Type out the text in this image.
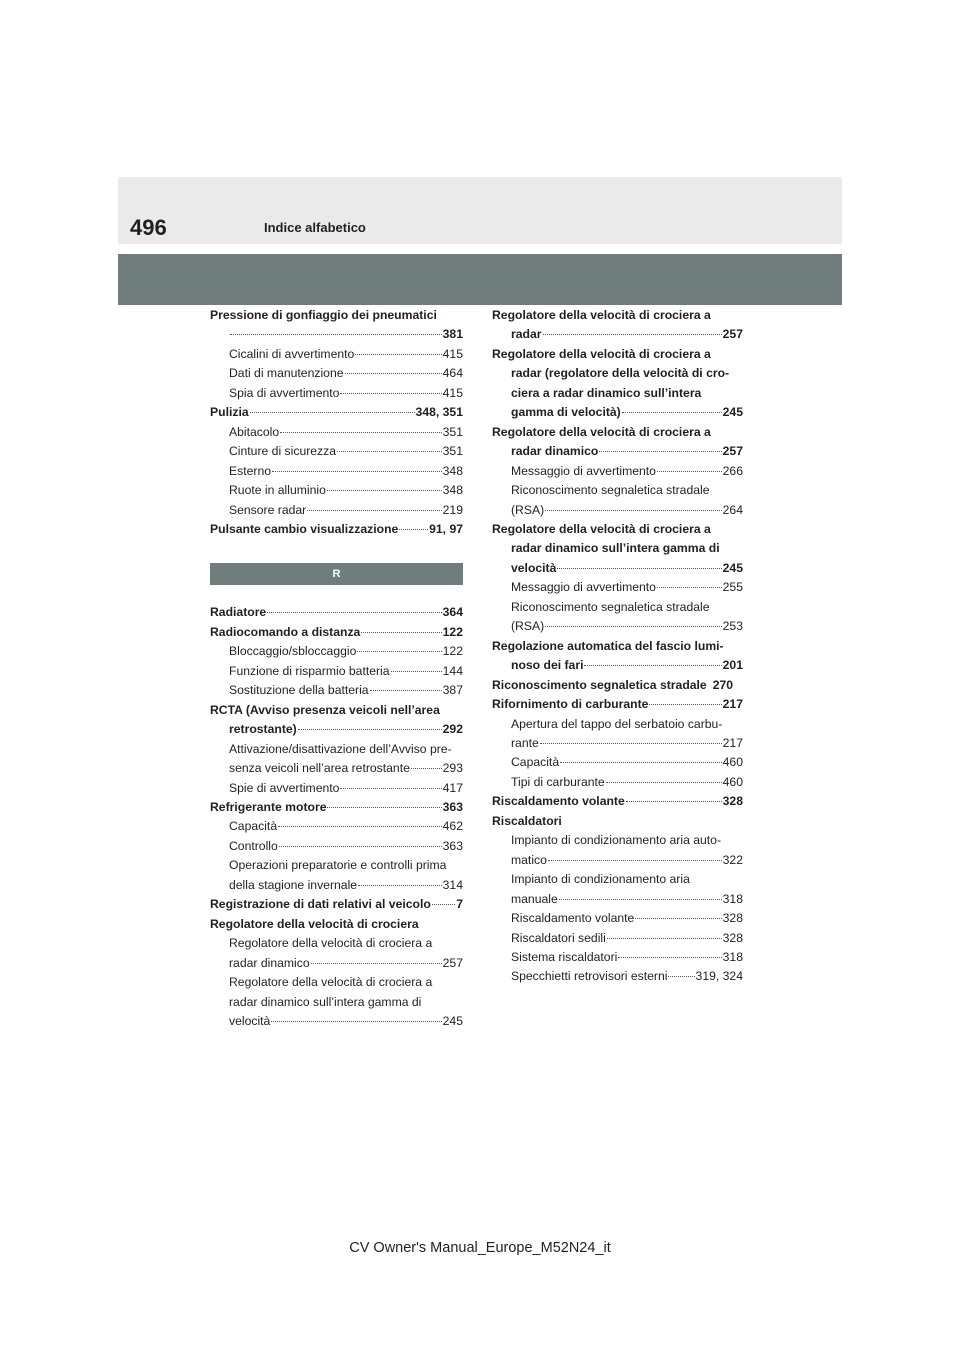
496	Indice alfabetico
Pressione di gonfiaggio dei pneumatici
381
Cicalini di avvertimento	415
Dati di manutenzione	464
Spia di avvertimento	415
Pulizia	348, 351
Abitacolo	351
Cinture di sicurezza	351
Esterno	348
Ruote in alluminio	348
Sensore radar	219
Pulsante cambio visualizzazione	91, 97
R
Radiatore	364
Radiocomando a distanza	122
Bloccaggio/sbloccaggio	122
Funzione di risparmio batteria	144
Sostituzione della batteria	387
RCTA (Avviso presenza veicoli nell’area
retrostante)	292
Attivazione/disattivazione dell’Avviso pre-
senza veicoli nell’area retrostante	293
Spie di avvertimento	417
Refrigerante motore	363
Capacità	462
Controllo	363
Operazioni preparatorie e controlli prima
della stagione invernale	314
Registrazione di dati relativi al veicolo 7
Regolatore della velocità di crociera
Regolatore della velocità di crociera a
radar dinamico	257
Regolatore della velocità di crociera a
radar dinamico sull’intera gamma di
velocità	245
Regolatore della velocità di crociera a
radar	257
Regolatore della velocità di crociera a
radar (regolatore della velocità di cro-
ciera a radar dinamico sull’intera
gamma di velocità)	245
Regolatore della velocità di crociera a
radar dinamico	257
Messaggio di avvertimento	266
Riconoscimento segnaletica stradale
(RSA)	264
Regolatore della velocità di crociera a
radar dinamico sull’intera gamma di
velocità	245
Messaggio di avvertimento	255
Riconoscimento segnaletica stradale
(RSA)	253
Regolazione automatica del fascio lumi-
noso dei fari	201
Riconoscimento segnaletica stradale 270
Rifornimento di carburante	217
Apertura del tappo del serbatoio carbu-
rante	217
Capacità	460
Tipi di carburante	460
Riscaldamento volante	328
Riscaldatori
Impianto di condizionamento aria auto-
matico	322
Impianto di condizionamento aria
manuale	318
Riscaldamento volante	328
Riscaldatori sedili	328
Sistema riscaldatori	318
Specchietti retrovisori esterni 319, 324
CV Owner's Manual_Europe_M52N24_it
